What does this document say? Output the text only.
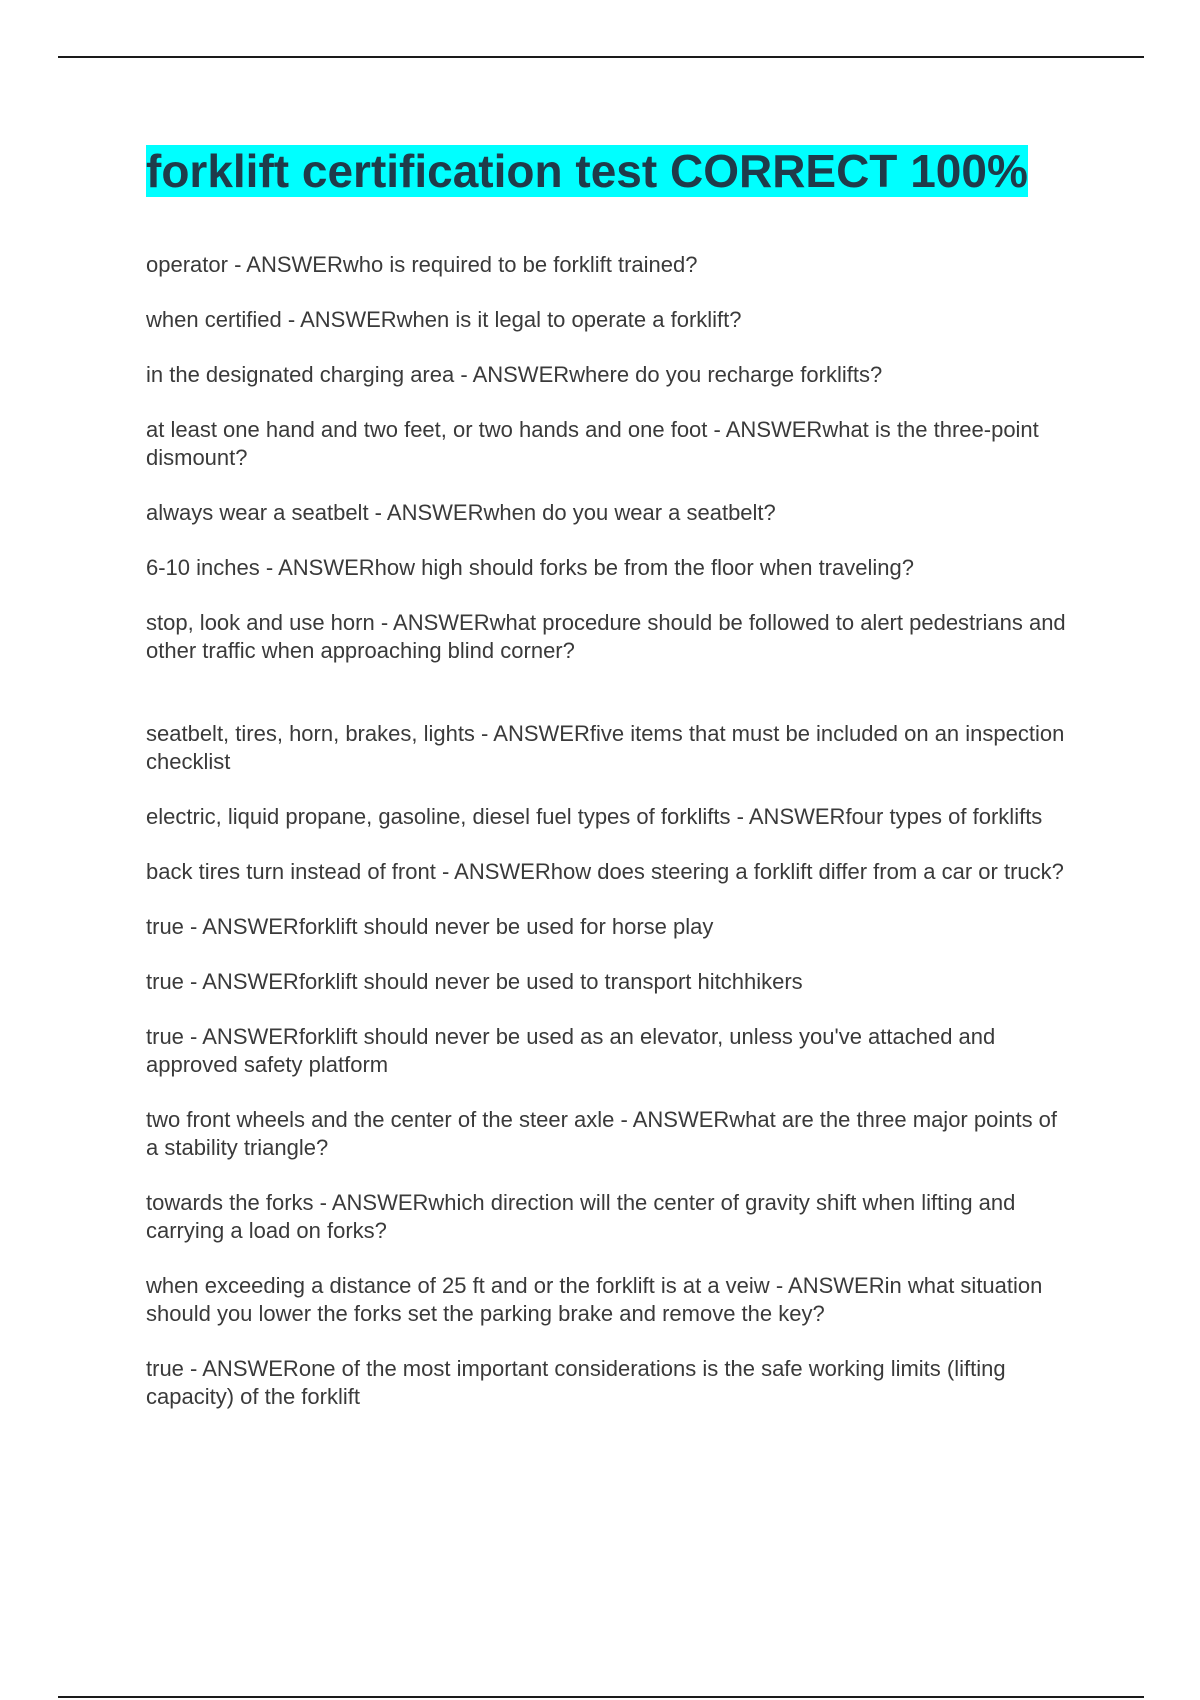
forklift certification test CORRECT 100%
operator - ANSWERwho is required to be forklift trained?
when certified - ANSWERwhen is it legal to operate a forklift?
in the designated charging area - ANSWERwhere do you recharge forklifts?
at least one hand and two feet, or two hands and one foot - ANSWERwhat is the three-point dismount?
always wear a seatbelt - ANSWERwhen do you wear a seatbelt?
6-10 inches - ANSWERhow high should forks be from the floor when traveling?
stop, look and use horn - ANSWERwhat procedure should be followed to alert pedestrians and other traffic when approaching blind corner?
seatbelt, tires, horn, brakes, lights - ANSWERfive items that must be included on an inspection checklist
electric, liquid propane, gasoline, diesel fuel types of forklifts - ANSWERfour types of forklifts
back tires turn instead of front - ANSWERhow does steering a forklift differ from a car or truck?
true - ANSWERforklift should never be used for horse play
true - ANSWERforklift should never be used to transport hitchhikers
true - ANSWERforklift should never be used as an elevator, unless you've attached and approved safety platform
two front wheels and the center of the steer axle - ANSWERwhat are the three major points of a stability triangle?
towards the forks - ANSWERwhich direction will the center of gravity shift when lifting and carrying a load on forks?
when exceeding a distance of 25 ft and or the forklift is at a veiw - ANSWERin what situation should you lower the forks set the parking brake and remove the key?
true - ANSWERone of the most important considerations is the safe working limits (lifting capacity) of the forklift
